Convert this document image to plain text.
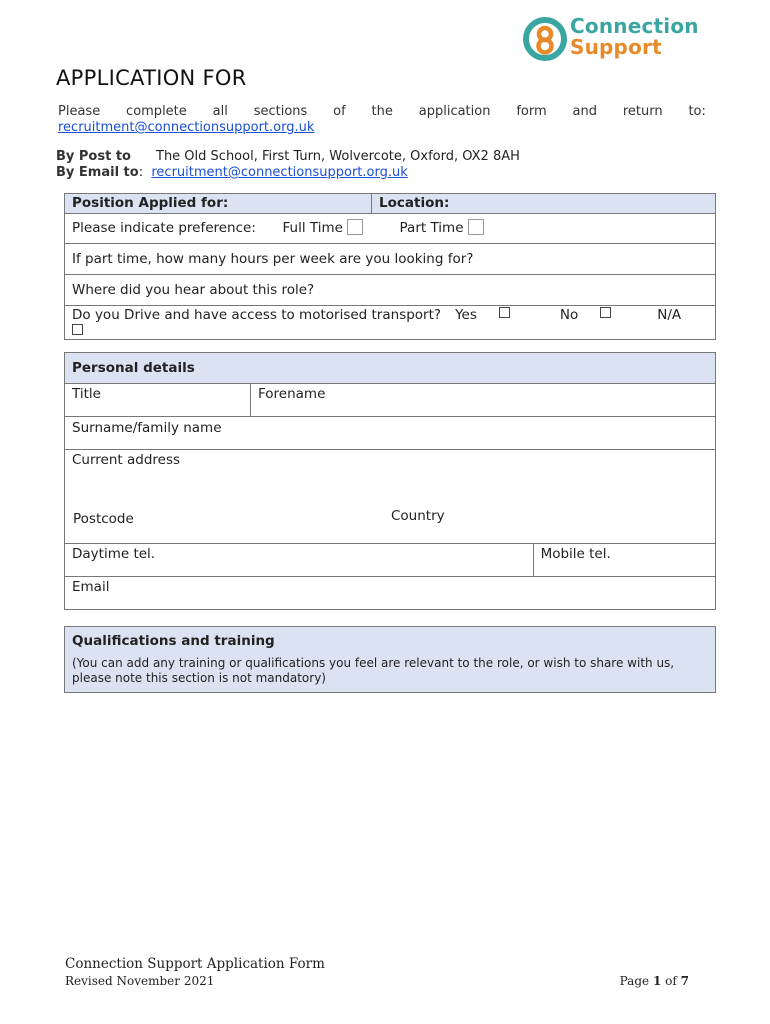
Connection
Support
APPLICATION FOR
Please complete all sections of the application form and return to:
recruitment@connectionsupport.org.uk
By Post to The Old School, First Turn, Wolvercote, Oxford, OX2 8AH
By Email to: recruitment@connectionsupport.org.uk
Position Applied for:	Location:
Please indicate preference: Full Time	Part Time
If part time, how many hours per week are you looking for?
Where did you hear about this role?

Do you Drive and have access to motorised transport? Yes	No	N/A
Personal details		
Title	Forename	
Surname/family name		

Current address
Postcode Country		

Daytime tel.		Mobile tel.
Email		
Qualifications and training
(You can add any training or qualifications you feel are relevant to the role, or wish to share with us, please note this section is not mandatory)
Connection Support Application Form
Revised November 2021	Page 1 of 7
